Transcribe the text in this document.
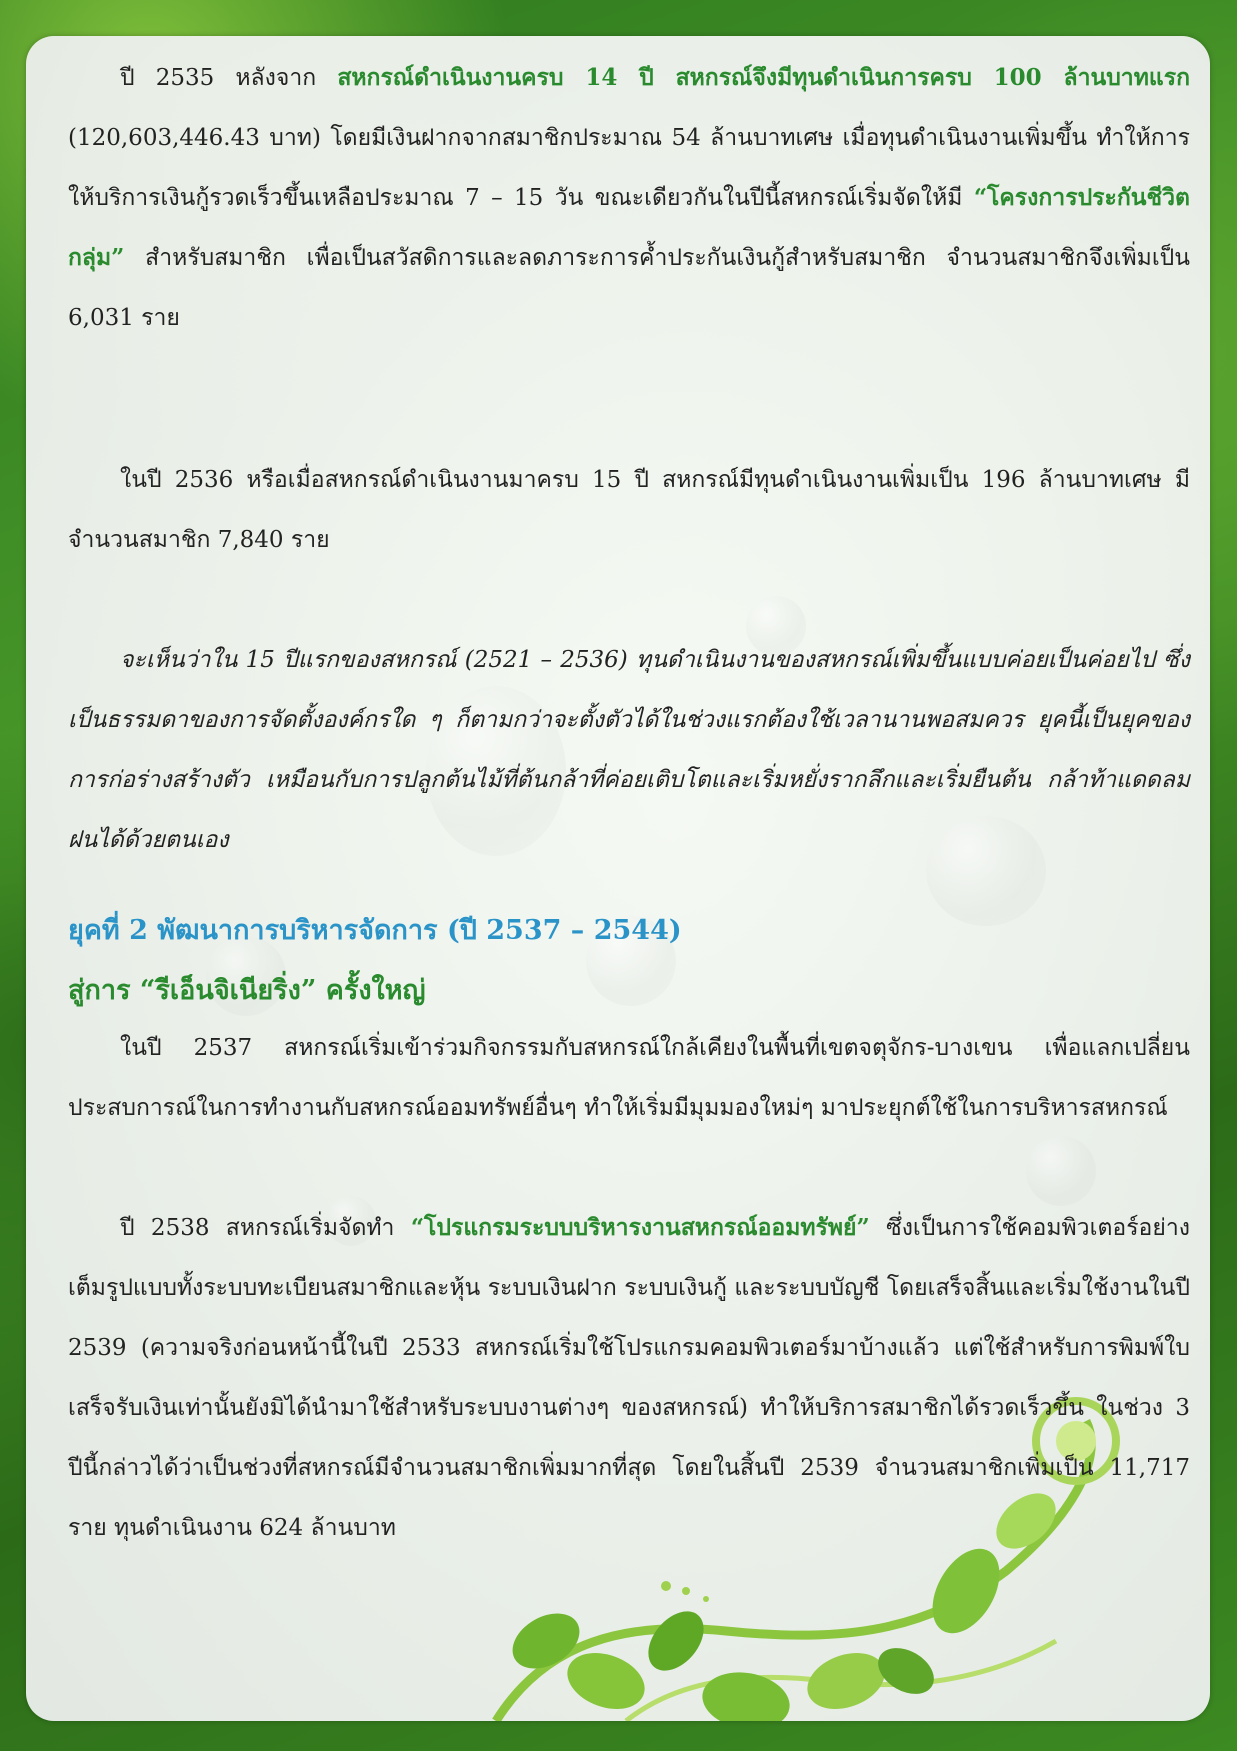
ปี 2535 หลังจาก สหกรณ์ดำเนินงานครบ 14 ปี สหกรณ์จึงมีทุนดำเนินการครบ 100 ล้านบาทแรก (120,603,446.43 บาท) โดยมีเงินฝากจากสมาชิกประมาณ 54 ล้านบาทเศษ เมื่อทุนดำเนินงานเพิ่มขึ้น ทำให้การให้บริการเงินกู้รวดเร็วขึ้นเหลือประมาณ 7 – 15 วัน ขณะเดียวกันในปีนี้สหกรณ์เริ่มจัดให้มี “โครงการประกันชีวิตกลุ่ม” สำหรับสมาชิก เพื่อเป็นสวัสดิการและลดภาระการค้ำประกันเงินกู้สำหรับสมาชิก จำนวนสมาชิกจึงเพิ่มเป็น 6,031 ราย

ในปี 2536 หรือเมื่อสหกรณ์ดำเนินงานมาครบ 15 ปี สหกรณ์มีทุนดำเนินงานเพิ่มเป็น 196 ล้านบาทเศษ มีจำนวนสมาชิก 7,840 ราย

จะเห็นว่าใน 15 ปีแรกของสหกรณ์ (2521 – 2536) ทุนดำเนินงานของสหกรณ์เพิ่มขึ้นแบบค่อยเป็นค่อยไป ซึ่งเป็นธรรมดาของการจัดตั้งองค์กรใด ๆ ก็ตามกว่าจะตั้งตัวได้ในช่วงแรกต้องใช้เวลานานพอสมควร ยุคนี้เป็นยุคของการก่อร่างสร้างตัว เหมือนกับการปลูกต้นไม้ที่ต้นกล้าที่ค่อยเติบโตและเริ่มหยั่งรากลึกและเริ่มยืนต้น กล้าท้าแดดลมฝนได้ด้วยตนเอง

ยุคที่ 2 พัฒนาการบริหารจัดการ (ปี 2537 – 2544)
สู่การ “รีเอ็นจิเนียริ่ง” ครั้งใหญ่

ในปี 2537 สหกรณ์เริ่มเข้าร่วมกิจกรรมกับสหกรณ์ใกล้เคียงในพื้นที่เขตจตุจักร-บางเขน เพื่อแลกเปลี่ยนประสบการณ์ในการทำงานกับสหกรณ์ออมทรัพย์อื่นๆ ทำให้เริ่มมีมุมมองใหม่ๆ มาประยุกต์ใช้ในการบริหารสหกรณ์

ปี 2538 สหกรณ์เริ่มจัดทำ “โปรแกรมระบบบริหารงานสหกรณ์ออมทรัพย์” ซึ่งเป็นการใช้คอมพิวเตอร์อย่างเต็มรูปแบบทั้งระบบทะเบียนสมาชิกและหุ้น ระบบเงินฝาก ระบบเงินกู้ และระบบบัญชี โดยเสร็จสิ้นและเริ่มใช้งานในปี 2539 (ความจริงก่อนหน้านี้ในปี 2533 สหกรณ์เริ่มใช้โปรแกรมคอมพิวเตอร์มาบ้างแล้ว แต่ใช้สำหรับการพิมพ์ใบเสร็จรับเงินเท่านั้นยังมิได้นำมาใช้สำหรับระบบงานต่างๆ ของสหกรณ์) ทำให้บริการสมาชิกได้รวดเร็วขึ้น ในช่วง 3 ปีนี้กล่าวได้ว่าเป็นช่วงที่สหกรณ์มีจำนวนสมาชิกเพิ่มมากที่สุด โดยในสิ้นปี 2539 จำนวนสมาชิกเพิ่มเป็น 11,717 ราย ทุนดำเนินงาน 624 ล้านบาท
